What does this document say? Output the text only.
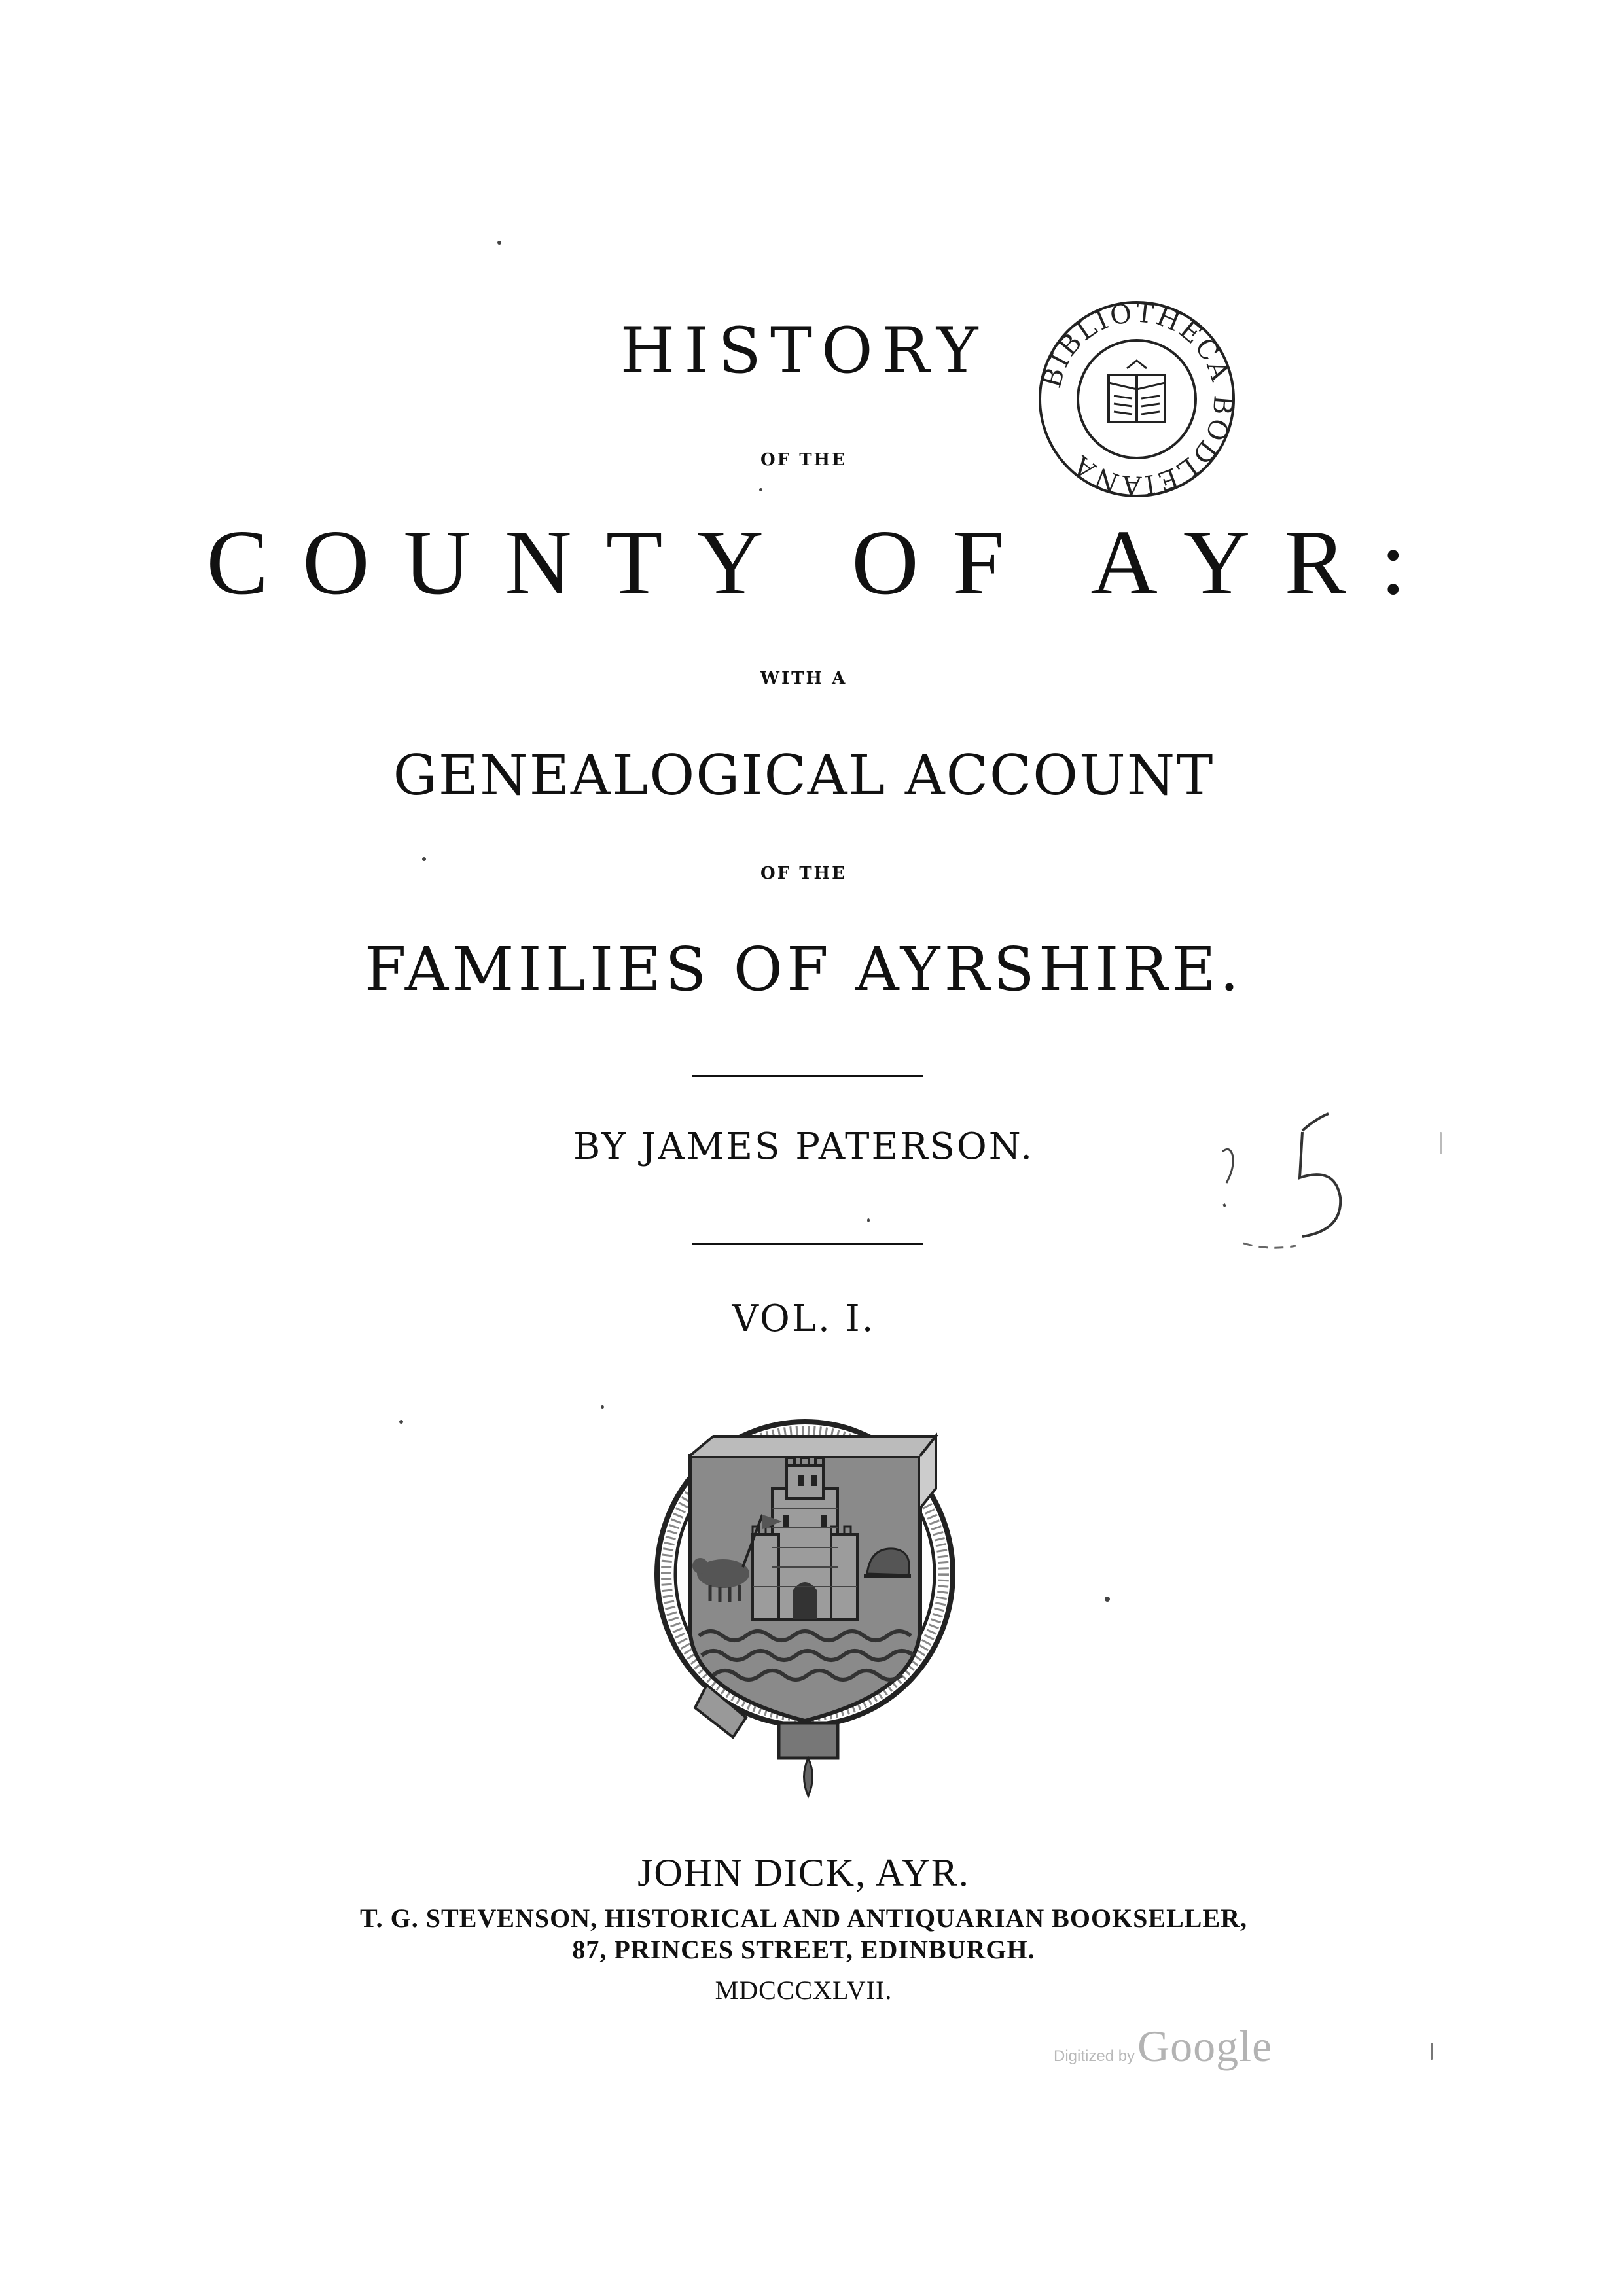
HISTORY	BIBLIOTHECA BODLEIANA
OF THE
COUNTY OF AYR:
WITH A
GENEALOGICAL ACCOUNT
OF THE
FAMILIES OF AYRSHIRE.
BY JAMES PATERSON.
25
VOL. I.
JOHN DICK, AYR.
T. G. STEVENSON, HISTORICAL AND ANTIQUARIAN BOOKSELLER,
87, PRINCES STREET, EDINBURGH.
MDCCCXLVII.
Digitized byGoogle
